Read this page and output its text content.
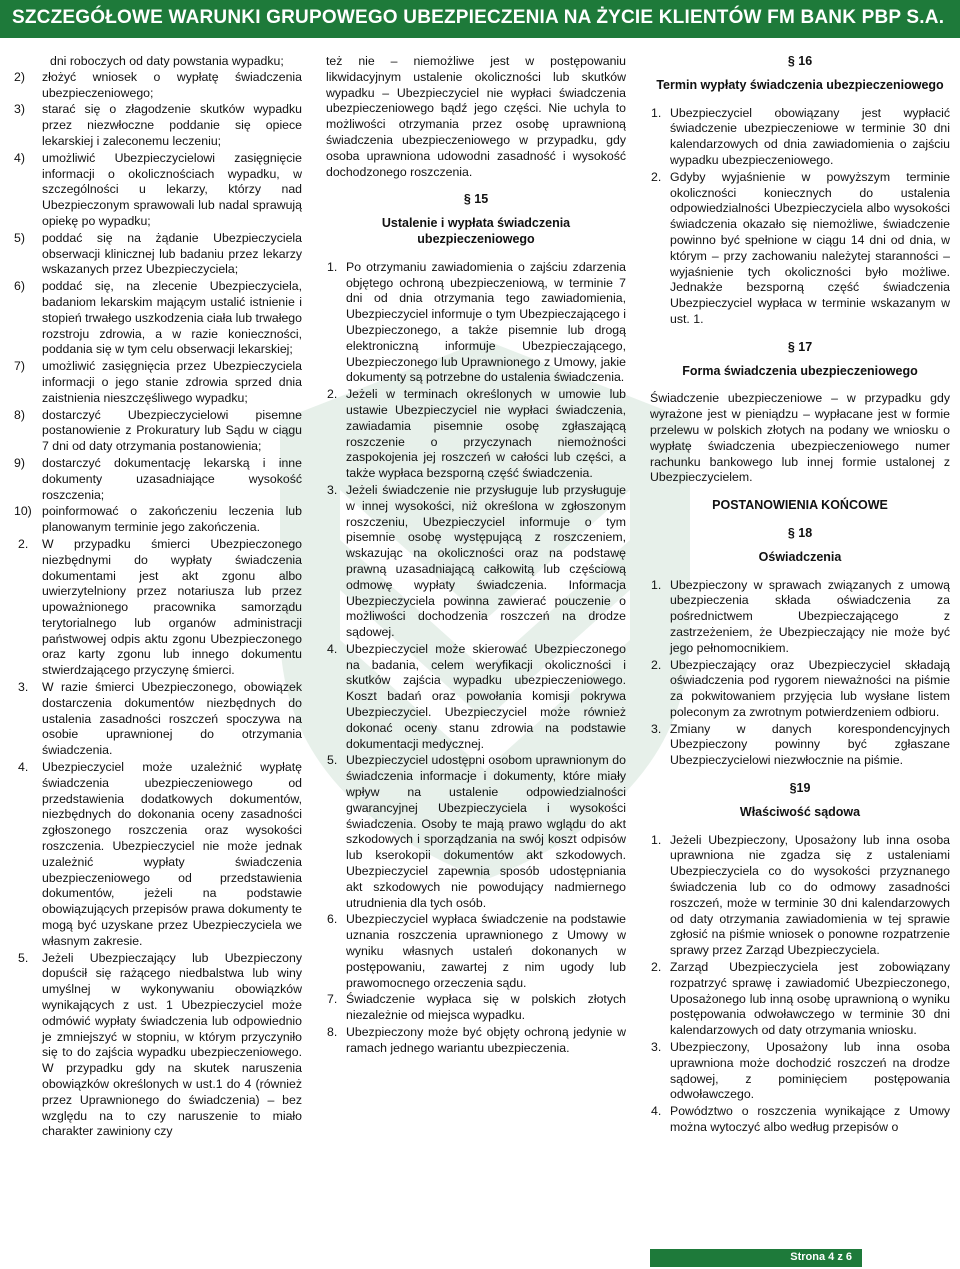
SZCZEGÓŁOWE WARUNKI GRUPOWEGO UBEZPIECZENIA NA ŻYCIE KLIENTÓW FM BANK PBP S.A.

dni roboczych od daty powstania wypadku;

2) złożyć wniosek o wypłatę świadczenia ubezpieczeniowego;
3) starać się o złagodzenie skutków wypadku przez niezwłoczne poddanie się opiece lekarskiej i zaleconemu leczeniu;
4) umożliwić Ubezpieczycielowi zasięgnięcie informacji o okolicznościach wypadku, w szczególności u lekarzy, którzy nad Ubezpieczonym sprawowali lub nadal sprawują opiekę po wypadku;
5) poddać się na żądanie Ubezpieczyciela obserwacji klinicznej lub badaniu przez lekarzy wskazanych przez Ubezpieczyciela;
6) poddać się, na zlecenie Ubezpieczyciela, badaniom lekarskim mającym ustalić istnienie i stopień trwałego uszkodzenia ciała lub trwałego rozstroju zdrowia, a w razie konieczności, poddania się w tym celu obserwacji lekarskiej;
7) umożliwić zasięgnięcia przez Ubezpieczyciela informacji o jego stanie zdrowia sprzed dnia zaistnienia nieszczęśliwego wypadku;
8) dostarczyć Ubezpieczycielowi pisemne postanowienie z Prokuratury lub Sądu w ciągu 7 dni od daty otrzymania postanowienia;
9) dostarczyć dokumentację lekarską i inne dokumenty uzasadniające wysokość roszczenia;
10) poinformować o zakończeniu leczenia lub planowanym terminie jego zakończenia.
2. W przypadku śmierci Ubezpieczonego niezbędnymi do wypłaty świadczenia dokumentami jest akt zgonu albo uwierzytelniony przez notariusza lub przez upoważnionego pracownika samorządu terytorialnego lub organów administracji państwowej odpis aktu zgonu Ubezpieczonego oraz karty zgonu lub innego dokumentu stwierdzającego przyczynę śmierci.
3. W razie śmierci Ubezpieczonego, obowiązek dostarczenia dokumentów niezbędnych do ustalenia zasadności roszczeń spoczywa na osobie uprawnionej do otrzymania świadczenia.
4. Ubezpieczyciel może uzależnić wypłatę świadczenia ubezpieczeniowego od przedstawienia dodatkowych dokumentów, niezbędnych do dokonania oceny zasadności zgłoszonego roszczenia oraz wysokości roszczenia. Ubezpieczyciel nie może jednak uzależnić wypłaty świadczenia ubezpieczeniowego od przedstawienia dokumentów, jeżeli na podstawie obowiązujących przepisów prawa dokumenty te mogą być uzyskane przez Ubezpieczyciela we własnym zakresie.
5. Jeżeli Ubezpieczający lub Ubezpieczony dopuścił się rażącego niedbalstwa lub winy umyślnej w wykonywaniu obowiązków wynikających z ust. 1 Ubezpieczyciel może odmówić wypłaty świadczenia lub odpowiednio je zmniejszyć w stopniu, w którym przyczyniło się to do zajścia wypadku ubezpieczeniowego. W przypadku gdy na skutek naruszenia obowiązków określonych w ust.1 do 4 (również przez Uprawnionego do świadczenia) – bez względu na to czy naruszenie to miało charakter zawiniony czy

też nie – niemożliwe jest w postępowaniu likwidacyjnym ustalenie okoliczności lub skutków wypadku – Ubezpieczyciel nie wypłaci świadczenia ubezpieczeniowego bądź jego części. Nie uchyla to możliwości otrzymania przez osobę uprawnioną świadczenia ubezpieczeniowego w przypadku, gdy osoba uprawniona udowodni zasadność i wysokość dochodzonego roszczenia.

§ 15
Ustalenie i wypłata świadczenia ubezpieczeniowego
1. Po otrzymaniu zawiadomienia o zajściu zdarzenia objętego ochroną ubezpieczeniową, w terminie 7 dni od dnia otrzymania tego zawiadomienia, Ubezpieczyciel informuje o tym Ubezpieczającego i Ubezpieczonego, a także pisemnie lub drogą elektroniczną informuje Ubezpieczającego, Ubezpieczonego lub Uprawnionego z Umowy, jakie dokumenty są potrzebne do ustalenia świadczenia.
2. Jeżeli w terminach określonych w umowie lub ustawie Ubezpieczyciel nie wypłaci świadczenia, zawiadamia pisemnie osobę zgłaszającą roszczenie o przyczynach niemożności zaspokojenia jej roszczeń w całości lub części, a także wypłaca bezsporną część świadczenia.
3. Jeżeli świadczenie nie przysługuje lub przysługuje w innej wysokości, niż określona w zgłoszonym roszczeniu, Ubezpieczyciel informuje o tym pisemnie osobę występującą z roszczeniem, wskazując na okoliczności oraz na podstawę prawną uzasadniającą całkowitą lub częściową odmowę wypłaty świadczenia. Informacja Ubezpieczyciela powinna zawierać pouczenie o możliwości dochodzenia roszczeń na drodze sądowej.
4. Ubezpieczyciel może skierować Ubezpieczonego na badania, celem weryfikacji okoliczności i skutków zajścia wypadku ubezpieczeniowego. Koszt badań oraz powołania komisji pokrywa Ubezpieczyciel. Ubezpieczyciel może również dokonać oceny stanu zdrowia na podstawie dokumentacji medycznej.
5. Ubezpieczyciel udostępni osobom uprawnionym do świadczenia informacje i dokumenty, które miały wpływ na ustalenie odpowiedzialności gwarancyjnej Ubezpieczyciela i wysokości świadczenia. Osoby te mają prawo wglądu do akt szkodowych i sporządzania na swój koszt odpisów lub kserokopii dokumentów akt szkodowych. Ubezpieczyciel zapewnia sposób udostępniania akt szkodowych nie powodujący nadmiernego utrudnienia dla tych osób.
6. Ubezpieczyciel wypłaca świadczenie na podstawie uznania roszczenia uprawnionego z Umowy w wyniku własnych ustaleń dokonanych w postępowaniu, zawartej z nim ugody lub prawomocnego orzeczenia sądu.
7. Świadczenie wypłaca się w polskich złotych niezależnie od miejsca wypadku.
8. Ubezpieczony może być objęty ochroną jedynie w ramach jednego wariantu ubezpieczenia.
§ 16
Termin wypłaty świadczenia ubezpieczeniowego
1. Ubezpieczyciel obowiązany jest wypłacić świadczenie ubezpieczeniowe w terminie 30 dni kalendarzowych od dnia zawiadomienia o zajściu wypadku ubezpieczeniowego.
2. Gdyby wyjaśnienie w powyższym terminie okoliczności koniecznych do ustalenia odpowiedzialności Ubezpieczyciela albo wysokości świadczenia okazało się niemożliwe, świadczenie powinno być spełnione w ciągu 14 dni od dnia, w którym – przy zachowaniu należytej staranności – wyjaśnienie tych okoliczności było możliwe. Jednakże bezsporną część świadczenia Ubezpieczyciel wypłaca w terminie wskazanym w ust. 1.
§ 17
Forma świadczenia ubezpieczeniowego

Świadczenie ubezpieczeniowe – w przypadku gdy wyrażone jest w pieniądzu – wypłacane jest w formie przelewu w polskich złotych na podany we wniosku o wypłatę świadczenia ubezpieczeniowego numer rachunku bankowego lub innej formie ustalonej z Ubezpieczycielem.

POSTANOWIENIA KOŃCOWE
§ 18
Oświadczenia
1. Ubezpieczony w sprawach związanych z umową ubezpieczenia składa oświadczenia za pośrednictwem Ubezpieczającego z zastrzeżeniem, że Ubezpieczający nie może być jego pełnomocnikiem.
2. Ubezpieczający oraz Ubezpieczyciel składają oświadczenia pod rygorem nieważności na piśmie za pokwitowaniem przyjęcia lub wysłane listem poleconym za zwrotnym potwierdzeniem odbioru.
3. Zmiany w danych korespondencyjnych Ubezpieczony powinny być zgłaszane Ubezpieczycielowi niezwłocznie na piśmie.
§19
Właściwość sądowa
1. Jeżeli Ubezpieczony, Uposażony lub inna osoba uprawniona nie zgadza się z ustaleniami Ubezpieczyciela co do wysokości przyznanego świadczenia lub co do odmowy zasadności roszczeń, może w terminie 30 dni kalendarzowych od daty otrzymania zawiadomienia w tej sprawie zgłosić na piśmie wniosek o ponowne rozpatrzenie sprawy przez Zarząd Ubezpieczyciela.
2. Zarząd Ubezpieczyciela jest zobowiązany rozpatrzyć sprawę i zawiadomić Ubezpieczonego, Uposażonego lub inną osobę uprawnioną o wyniku postępowania odwoławczego w terminie 30 dni kalendarzowych od daty otrzymania wniosku.
3. Ubezpieczony, Uposażony lub inna osoba uprawniona może dochodzić roszczeń na drodze sądowej, z pominięciem postępowania odwoławczego.
4. Powództwo o roszczenia wynikające z Umowy można wytoczyć albo według przepisów o
Strona 4 z 6
